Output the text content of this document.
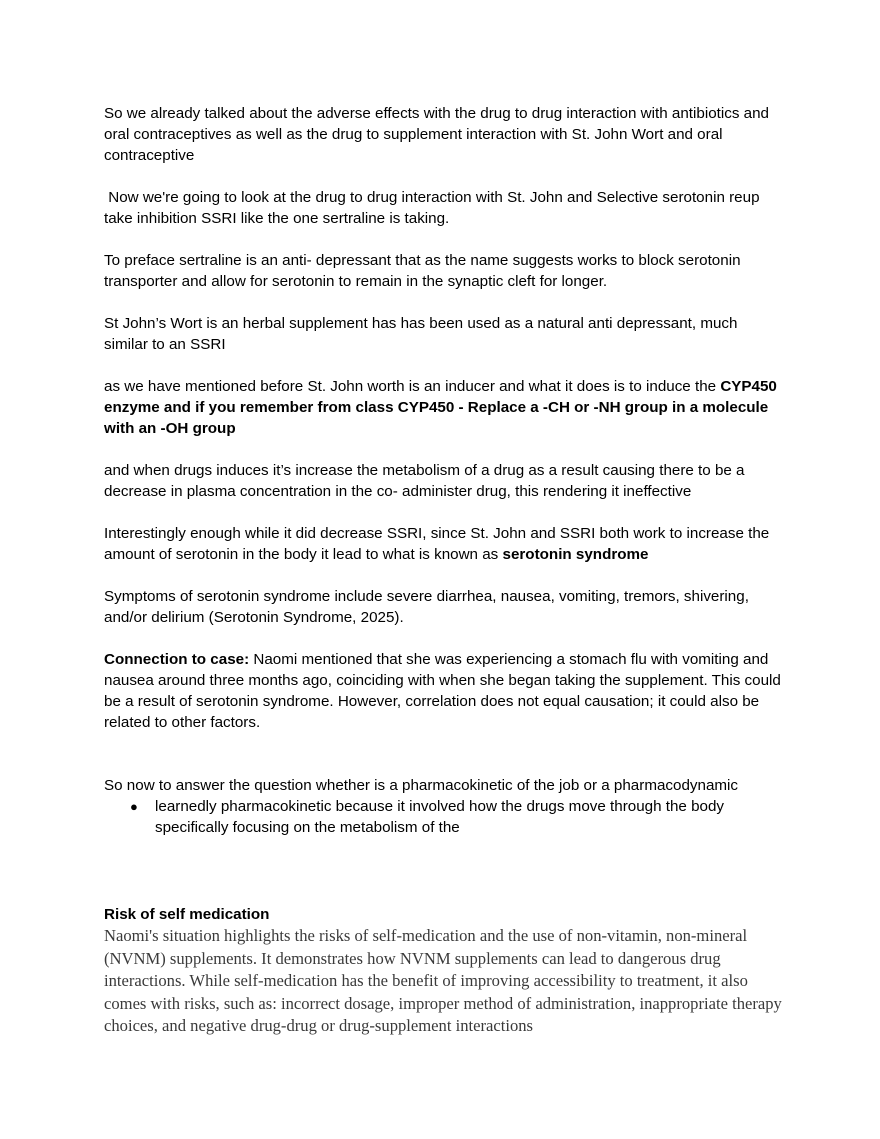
So we already talked about the adverse effects with the drug to drug interaction with antibiotics and oral contraceptives as well as the drug to supplement interaction with St. John Wort and oral contraceptive

Now we're going to look at the drug to drug interaction with St. John and Selective serotonin reup take inhibition SSRI like the one sertraline is taking.

To preface sertraline is an anti- depressant that as the name suggests works to block serotonin transporter and allow for serotonin to remain in the synaptic cleft for longer.

St John’s Wort is an herbal supplement has has been used as a natural anti depressant, much similar to an SSRI

as we have mentioned before St. John worth is an inducer and what it does is to induce the CYP450 enzyme and if you remember from class CYP450 - Replace a -CH or -NH group in a molecule with an -OH group

and when drugs induces it’s increase the metabolism of a drug as a result causing there to be a decrease in plasma concentration in the co- administer drug, this rendering it ineffective

Interestingly enough while it did decrease SSRI, since St. John and SSRI both work to increase the amount of serotonin in the body it lead to what is known as serotonin syndrome

Symptoms of serotonin syndrome include severe diarrhea, nausea, vomiting, tremors, shivering, and/or delirium (Serotonin Syndrome, 2025).

Connection to case: Naomi mentioned that she was experiencing a stomach flu with vomiting and nausea around three months ago, coinciding with when she began taking the supplement. This could be a result of serotonin syndrome. However, correlation does not equal causation; it could also be related to other factors.

So now to answer the question whether is a pharmacokinetic of the job or a pharmacodynamic

● learnedly pharmacokinetic because it involved how the drugs move through the body specifically focusing on the metabolism of the

Risk of self medication

Naomi's situation highlights the risks of self-medication and the use of non-vitamin, non-mineral (NVNM) supplements. It demonstrates how NVNM supplements can lead to dangerous drug interactions. While self-medication has the benefit of improving accessibility to treatment, it also comes with risks, such as: incorrect dosage, improper method of administration, inappropriate therapy choices, and negative drug-drug or drug-supplement interactions
